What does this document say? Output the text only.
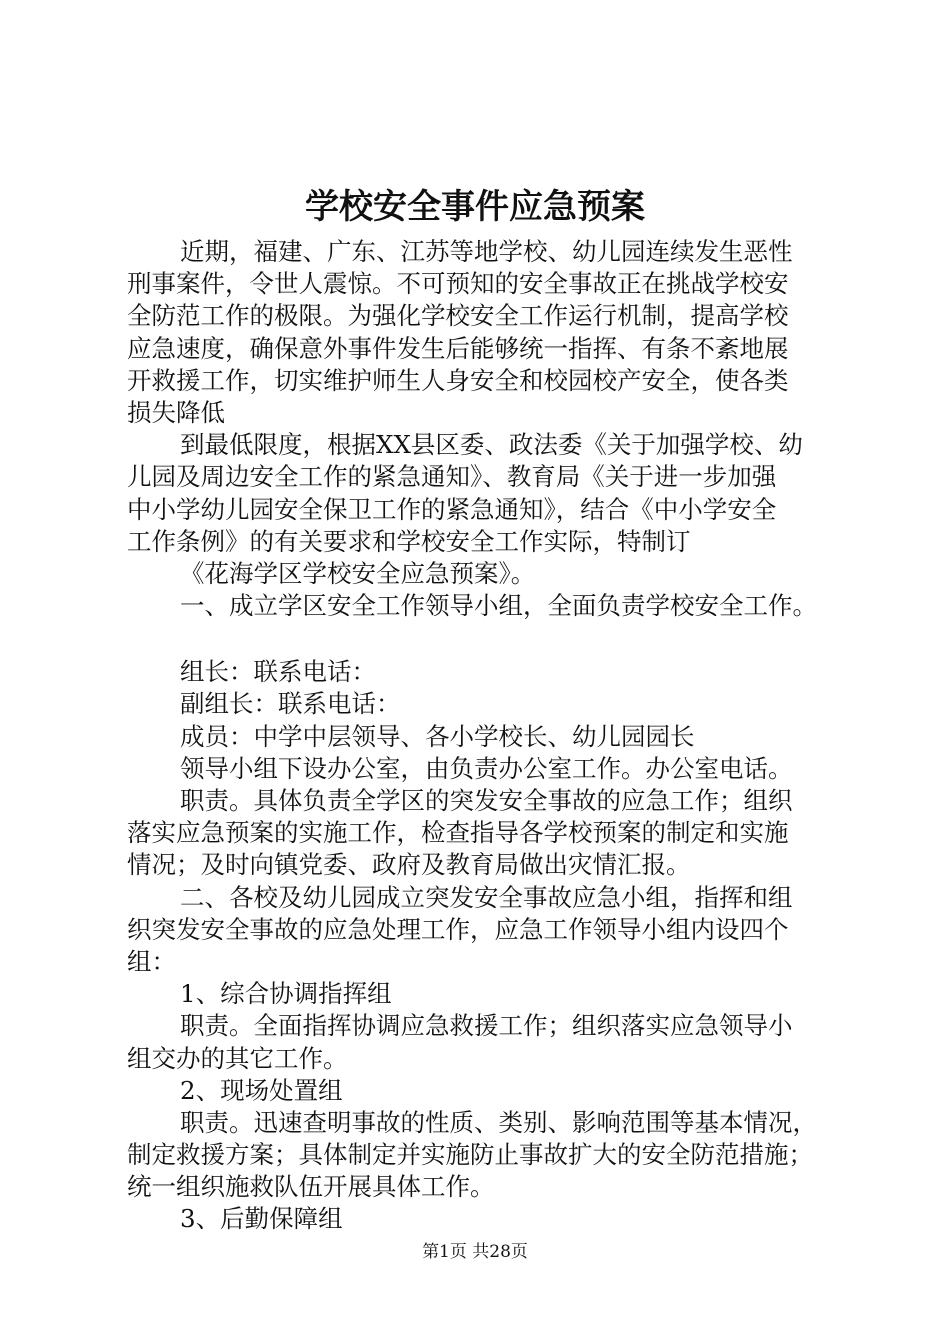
学校安全事件应急预案
近期，福建、广东、江苏等地学校、幼儿园连续发生恶性
刑事案件，令世人震惊。不可预知的安全事故正在挑战学校安
全防范工作的极限。为强化学校安全工作运行机制，提高学校
应急速度，确保意外事件发生后能够统一指挥、有条不紊地展
开救援工作，切实维护师生人身安全和校园校产安全，使各类
损失降低
到最低限度，根据XX县区委、政法委《关于加强学校、幼
儿园及周边安全工作的紧急通知》、教育局《关于进一步加强
中小学幼儿园安全保卫工作的紧急通知》，结合《中小学安全
工作条例》的有关要求和学校安全工作实际，特制订
《花海学区学校安全应急预案》。
一、成立学区安全工作领导小组，全面负责学校安全工作。
组长：联系电话：
副组长：联系电话：
成员：中学中层领导、各小学校长、幼儿园园长
领导小组下设办公室，由负责办公室工作。办公室电话。
职责。具体负责全学区的突发安全事故的应急工作；组织
落实应急预案的实施工作，检查指导各学校预案的制定和实施
情况；及时向镇党委、政府及教育局做出灾情汇报。
二、各校及幼儿园成立突发安全事故应急小组，指挥和组
织突发安全事故的应急处理工作，应急工作领导小组内设四个
组：
1、综合协调指挥组
职责。全面指挥协调应急救援工作；组织落实应急领导小
组交办的其它工作。
2、现场处置组
职责。迅速查明事故的性质、类别、影响范围等基本情况，
制定救援方案；具体制定并实施防止事故扩大的安全防范措施；
统一组织施救队伍开展具体工作。
3、后勤保障组
第1页 共28页
